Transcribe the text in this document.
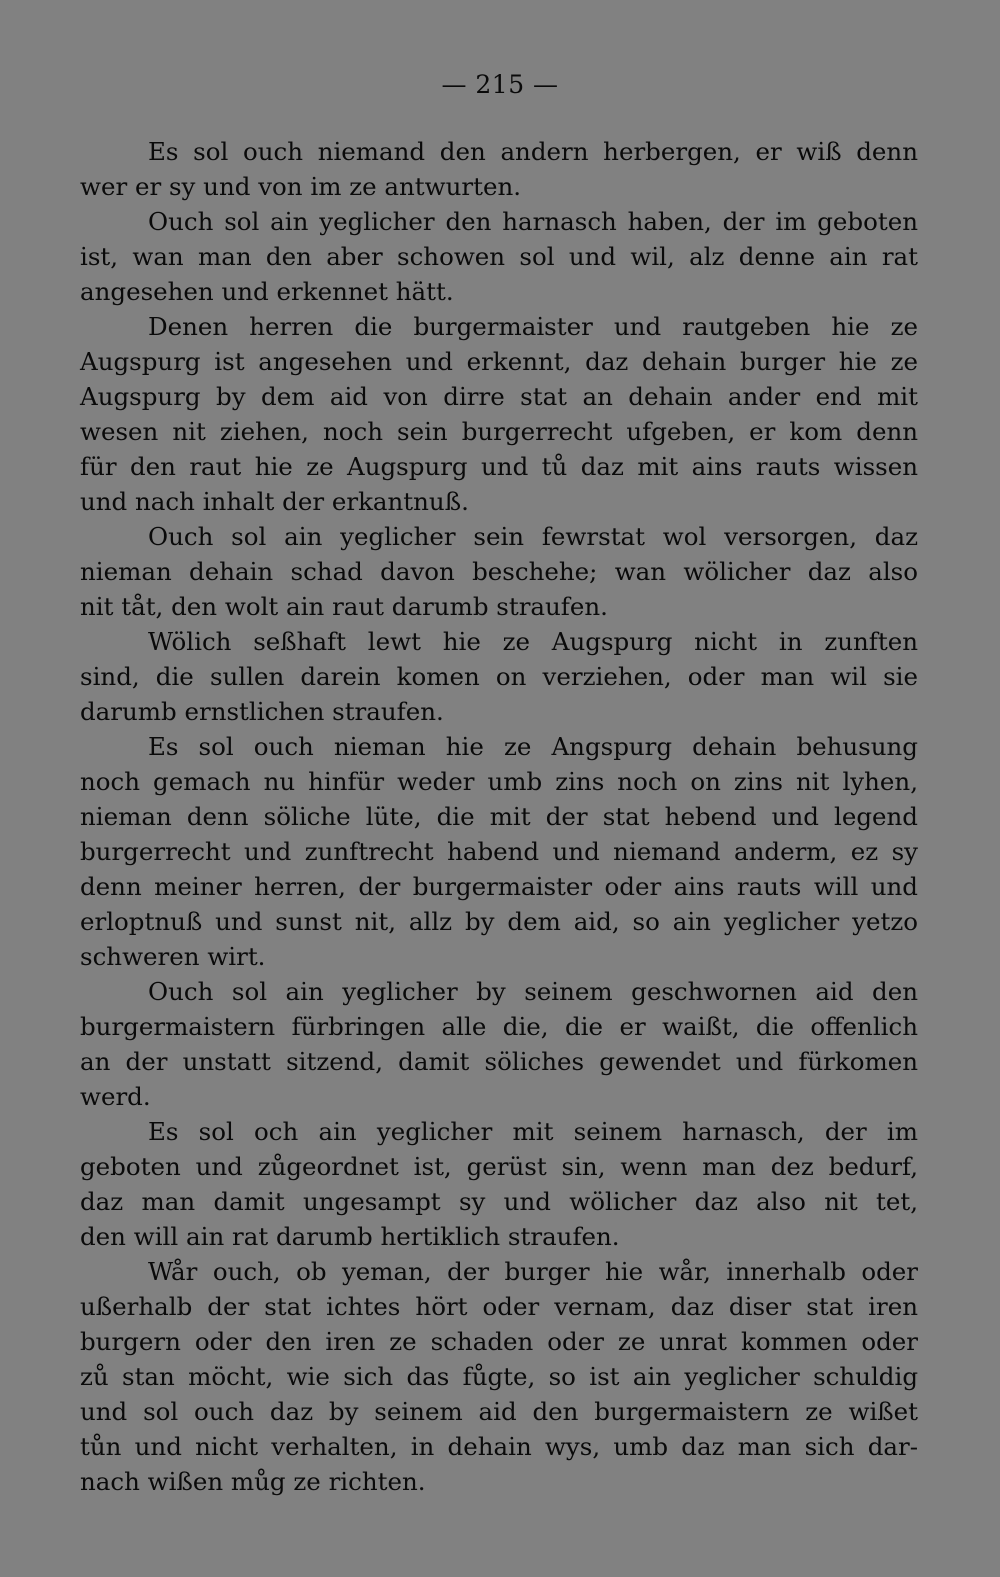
— 215 —
Es sol ouch niemand den andern herbergen, er wiß denn
wer er sy und von im ze antwurten.
Ouch sol ain yeglicher den harnasch haben, der im geboten
ist, wan man den aber schowen sol und wil, alz denne ain rat
angesehen und erkennet hätt.
Denen herren die burgermaister und rautgeben hie ze
Augspurg ist angesehen und erkennt, daz dehain burger hie ze
Augspurg by dem aid von dirre stat an dehain ander end mit
wesen nit ziehen, noch sein burgerrecht ufgeben, er kom denn
für den raut hie ze Augspurg und tů daz mit ains rauts wissen
und nach inhalt der erkantnuß.
Ouch sol ain yeglicher sein fewrstat wol versorgen, daz
nieman dehain schad davon beschehe; wan wölicher daz also
nit tåt, den wolt ain raut darumb straufen.
Wölich seßhaft lewt hie ze Augspurg nicht in zunften
sind, die sullen darein komen on verziehen, oder man wil sie
darumb ernstlichen straufen.
Es sol ouch nieman hie ze Angspurg dehain behusung
noch gemach nu hinfür weder umb zins noch on zins nit lyhen,
nieman denn söliche lüte, die mit der stat hebend und legend
burgerrecht und zunftrecht habend und niemand anderm, ez sy
denn meiner herren, der burgermaister oder ains rauts will und
erloptnuß und sunst nit, allz by dem aid, so ain yeglicher yetzo
schweren wirt.
Ouch sol ain yeglicher by seinem geschwornen aid den
burgermaistern fürbringen alle die, die er waißt, die offenlich
an der unstatt sitzend, damit söliches gewendet und fürkomen
werd.
Es sol och ain yeglicher mit seinem harnasch, der im
geboten und zůgeordnet ist, gerüst sin, wenn man dez bedurf,
daz man damit ungesampt sy und wölicher daz also nit tet,
den will ain rat darumb hertiklich straufen.
Wår ouch, ob yeman, der burger hie wår, innerhalb oder
ußerhalb der stat ichtes hört oder vernam, daz diser stat iren
burgern oder den iren ze schaden oder ze unrat kommen oder
zů stan möcht, wie sich das fůgte, so ist ain yeglicher schuldig
und sol ouch daz by seinem aid den burgermaistern ze wißet
tůn und nicht verhalten, in dehain wys, umb daz man sich dar-
nach wißen můg ze richten.
